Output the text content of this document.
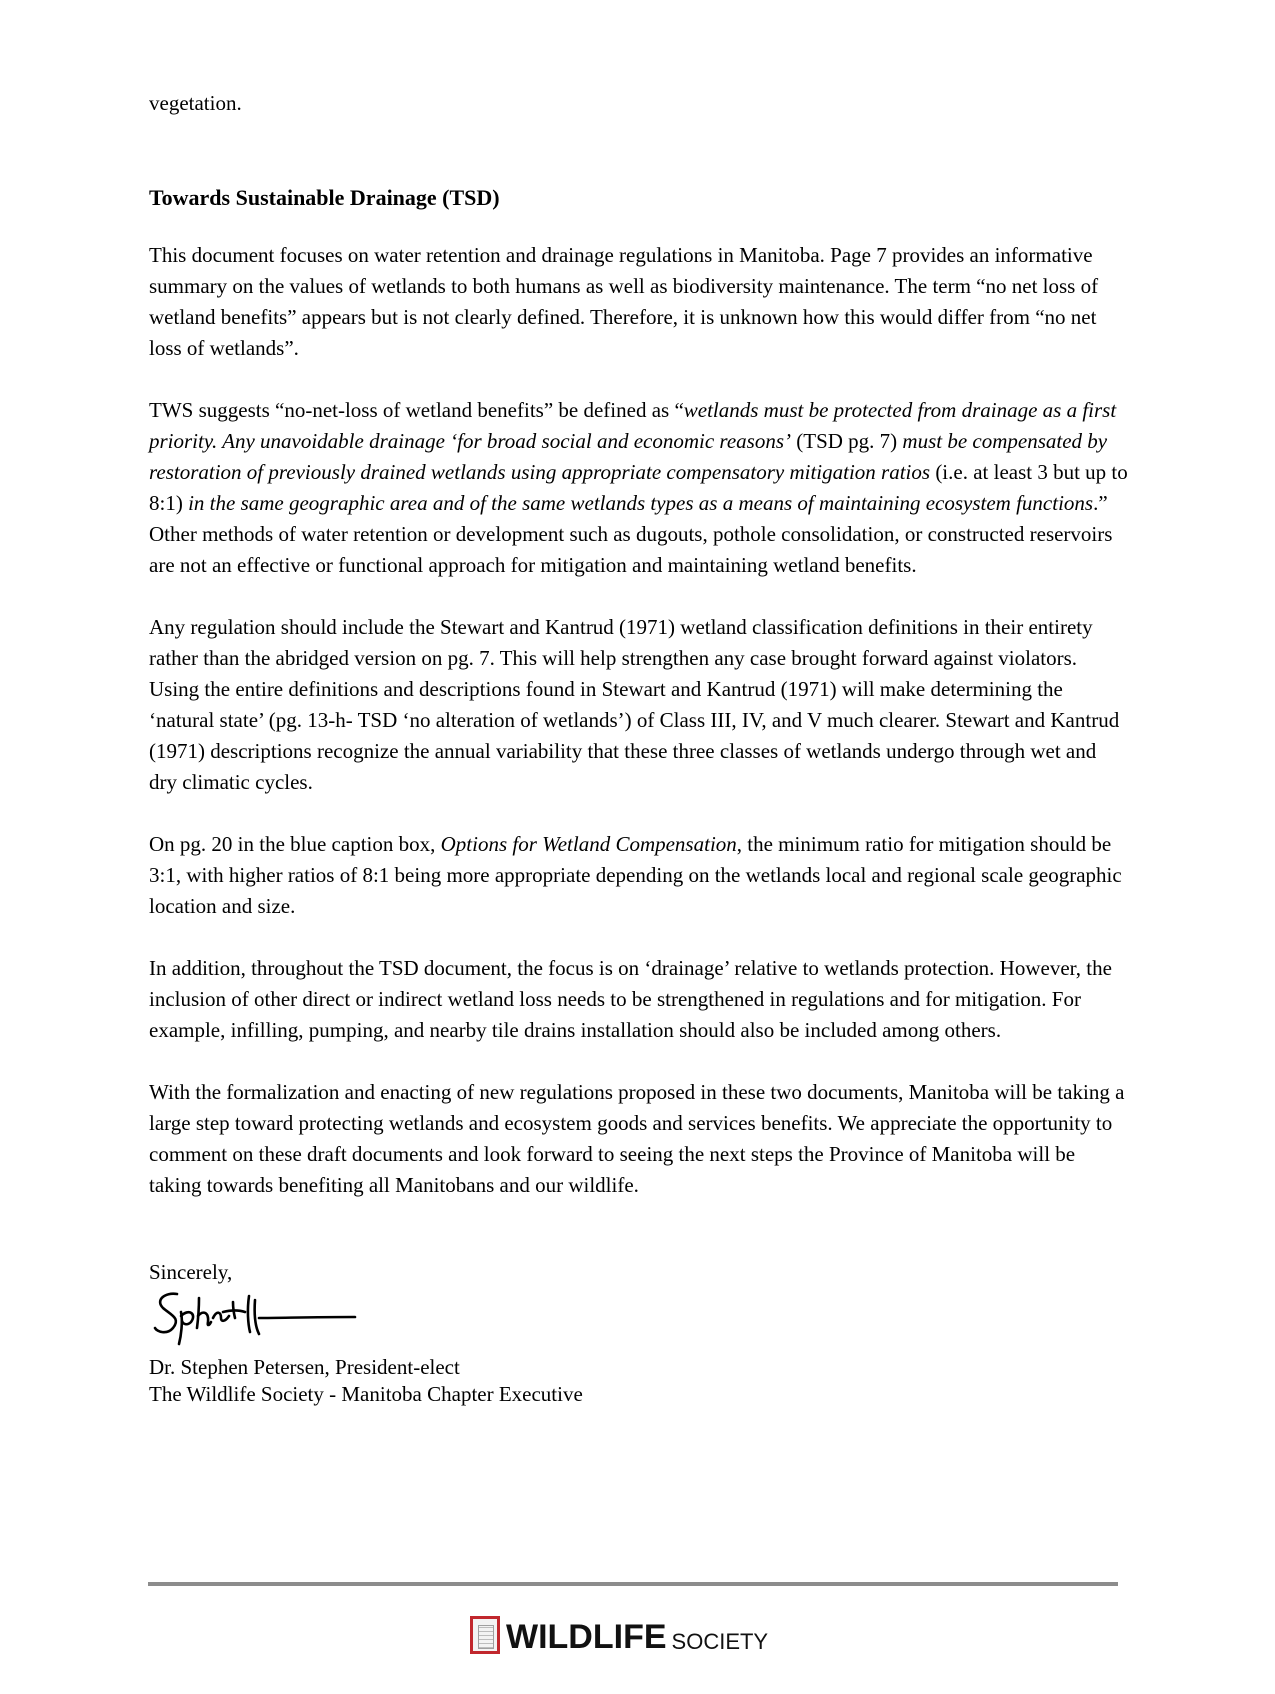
vegetation.

Towards Sustainable Drainage (TSD)

This document focuses on water retention and drainage regulations in Manitoba. Page 7 provides an informative summary on the values of wetlands to both humans as well as biodiversity maintenance. The term “no net loss of wetland benefits” appears but is not clearly defined. Therefore, it is unknown how this would differ from “no net loss of wetlands”.

TWS suggests “no-net-loss of wetland benefits” be defined as “wetlands must be protected from drainage as a first priority. Any unavoidable drainage ‘for broad social and economic reasons’ (TSD pg. 7) must be compensated by restoration of previously drained wetlands using appropriate compensatory mitigation ratios (i.e. at least 3 but up to 8:1) in the same geographic area and of the same wetlands types as a means of maintaining ecosystem functions.” Other methods of water retention or development such as dugouts, pothole consolidation, or constructed reservoirs are not an effective or functional approach for mitigation and maintaining wetland benefits.

Any regulation should include the Stewart and Kantrud (1971) wetland classification definitions in their entirety rather than the abridged version on pg. 7. This will help strengthen any case brought forward against violators. Using the entire definitions and descriptions found in Stewart and Kantrud (1971) will make determining the ‘natural state’ (pg. 13-h- TSD ‘no alteration of wetlands’) of Class III, IV, and V much clearer. Stewart and Kantrud (1971) descriptions recognize the annual variability that these three classes of wetlands undergo through wet and dry climatic cycles.

On pg. 20 in the blue caption box, Options for Wetland Compensation, the minimum ratio for mitigation should be 3:1, with higher ratios of 8:1 being more appropriate depending on the wetlands local and regional scale geographic location and size.

In addition, throughout the TSD document, the focus is on ‘drainage’ relative to wetlands protection. However, the inclusion of other direct or indirect wetland loss needs to be strengthened in regulations and for mitigation. For example, infilling, pumping, and nearby tile drains installation should also be included among others.

With the formalization and enacting of new regulations proposed in these two documents, Manitoba will be taking a large step toward protecting wetlands and ecosystem goods and services benefits. We appreciate the opportunity to comment on these draft documents and look forward to seeing the next steps the Province of Manitoba will be taking towards benefiting all Manitobans and our wildlife.

Sincerely,

Dr. Stephen Petersen, President-elect
The Wildlife Society - Manitoba Chapter Executive
WILDLIFE SOCIETY
